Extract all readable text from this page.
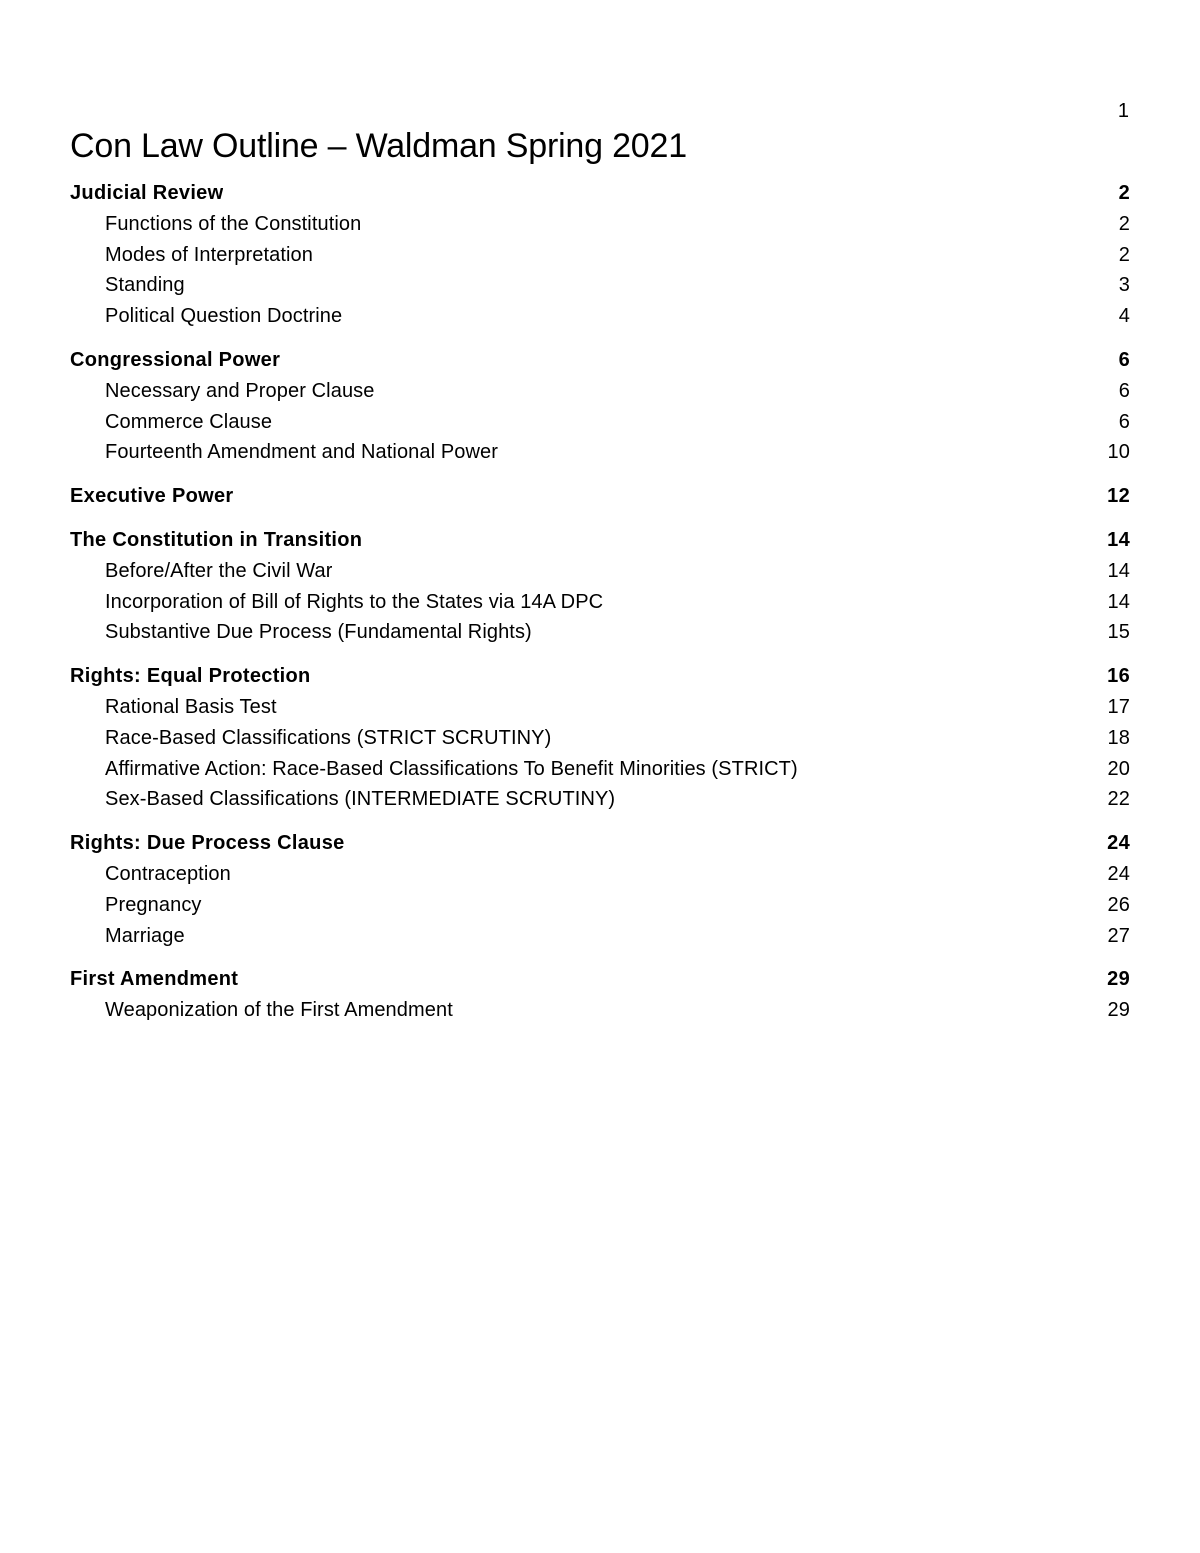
1
Con Law Outline – Waldman Spring 2021
Judicial Review	2
Functions of the Constitution	2
Modes of Interpretation	2
Standing	3
Political Question Doctrine	4
Congressional Power	6
Necessary and Proper Clause	6
Commerce Clause	6
Fourteenth Amendment and National Power	10
Executive Power	12
The Constitution in Transition	14
Before/After the Civil War	14
Incorporation of Bill of Rights to the States via 14A DPC	14
Substantive Due Process (Fundamental Rights)	15
Rights: Equal Protection	16
Rational Basis Test	17
Race-Based Classifications (STRICT SCRUTINY)	18
Affirmative Action: Race-Based Classifications To Benefit Minorities (STRICT)	20
Sex-Based Classifications (INTERMEDIATE SCRUTINY)	22
Rights: Due Process Clause	24
Contraception	24
Pregnancy	26
Marriage	27
First Amendment	29
Weaponization of the First Amendment	29
